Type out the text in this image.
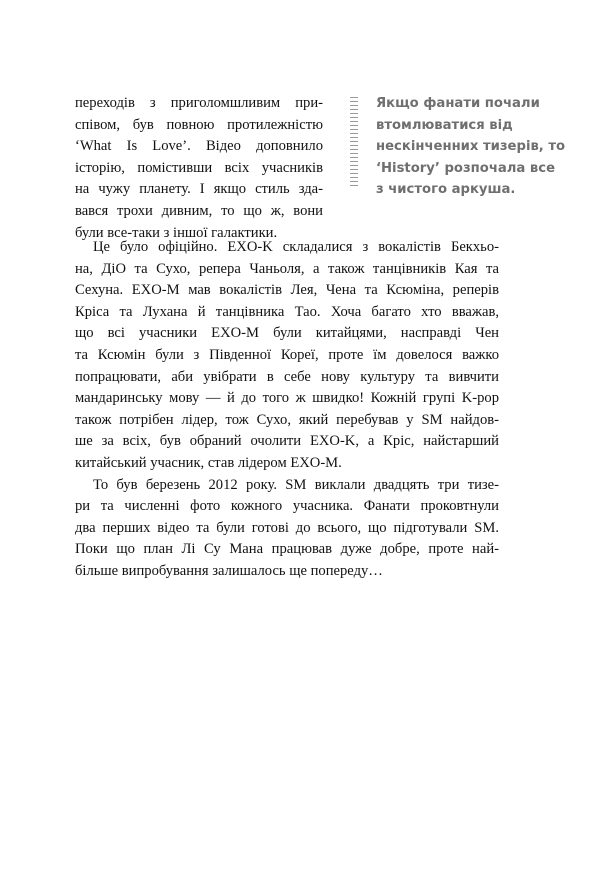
переходів з приголомшливим при-
співом, був повною протилежністю
‘What Is Love’. Відео доповнило
історію, помістивши всіх учасників
на чужу планету. І якщо стиль зда-
вався трохи дивним, то що ж, вони
були все-таки з іншої галактики.
Якщо фанати почали
втомлюватися від
нескінченних тизерів, то
‘History’ розпочала все
з чистого аркуша.
Це було офіційно. EXO-K складалися з вокалістів Бекхьо-
на, ДіО та Сухо, репера Чаньоля, а також танцівників Кая та
Сехуна. EXO-M мав вокалістів Лея, Чена та Ксюміна, реперів
Кріса та Лухана й танцівника Тао. Хоча багато хто вважав,
що всі учасники EXO-M були китайцями, насправді Чен
та Ксюмін були з Південної Кореї, проте їм довелося важко
попрацювати, аби увібрати в себе нову культуру та вивчити
мандаринську мову — й до того ж швидко! Кожній групі K-pop
також потрібен лідер, тож Сухо, який перебував у SM найдов-
ше за всіх, був обраний очолити EXO-K, а Кріс, найстарший
китайський учасник, став лідером EXO-M.
То був березень 2012 року. SM виклали двадцять три тизе-
ри та численні фото кожного учасника. Фанати проковтнули
два перших відео та були готові до всього, що підготували SM.
Поки що план Лі Су Мана працював дуже добре, проте най-
більше випробування залишалось ще попереду…
